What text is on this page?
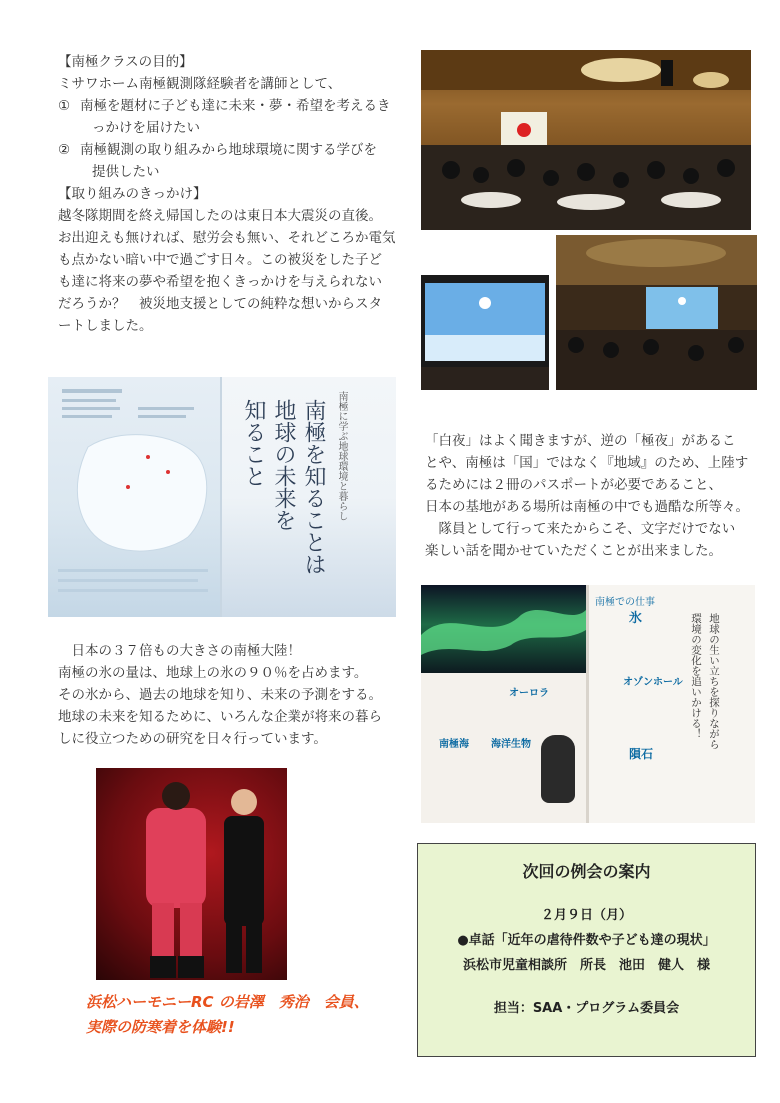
【南極クラスの目的】
ミサワホーム南極観測隊経験者を講師として、
① 南極を題材に子ども達に未来・夢・希望を考えるき
っかけを届けたい
② 南極観測の取り組みから地球環境に関する学びを
提供したい
【取り組みのきっかけ】
越冬隊期間を終え帰国したのは東日本大震災の直後。
お出迎えも無ければ、慰労会も無い、それどころか電気
も点かない暗い中で過ごす日々。この被災をした子ど
も達に将来の夢や希望を抱くきっかけを与えられない
だろうか？　被災地支援としての純粋な想いからスタ
ートしました。
南極に学ぶ地球環境と暮らし
南極を知ることは
地球の未来を
知ること
　日本の３７倍もの大きさの南極大陸！
南極の氷の量は、地球上の氷の９０％を占めます。
その氷から、過去の地球を知り、未来の予測をする。
地球の未来を知るために、いろんな企業が将来の暮ら
しに役立つための研究を日々行っています。
「白夜」はよく聞きますが、逆の「極夜」があるこ
とや、南極は「国」ではなく『地域』のため、上陸す
るためには２冊のパスポートが必要であること、
日本の基地がある場所は南極の中でも過酷な所等々。
　隊員として行って来たからこそ、文字だけでない
楽しい話を聞かせていただくことが出来ました。
オーロラ
南極海 海洋生物
南極での仕事
氷
オゾンホール
隕石
地球の生い立ちを探りながら
環境の変化を追いかける！
浜松ハーモニーRC の岩澤　秀治　会員、
実際の防寒着を体験!!
次回の例会の案内
２月９日（月）
●卓話「近年の虐待件数や子ども達の現状」
浜松市児童相談所　所長　池田　健人　様
担当：SAA・プログラム委員会
